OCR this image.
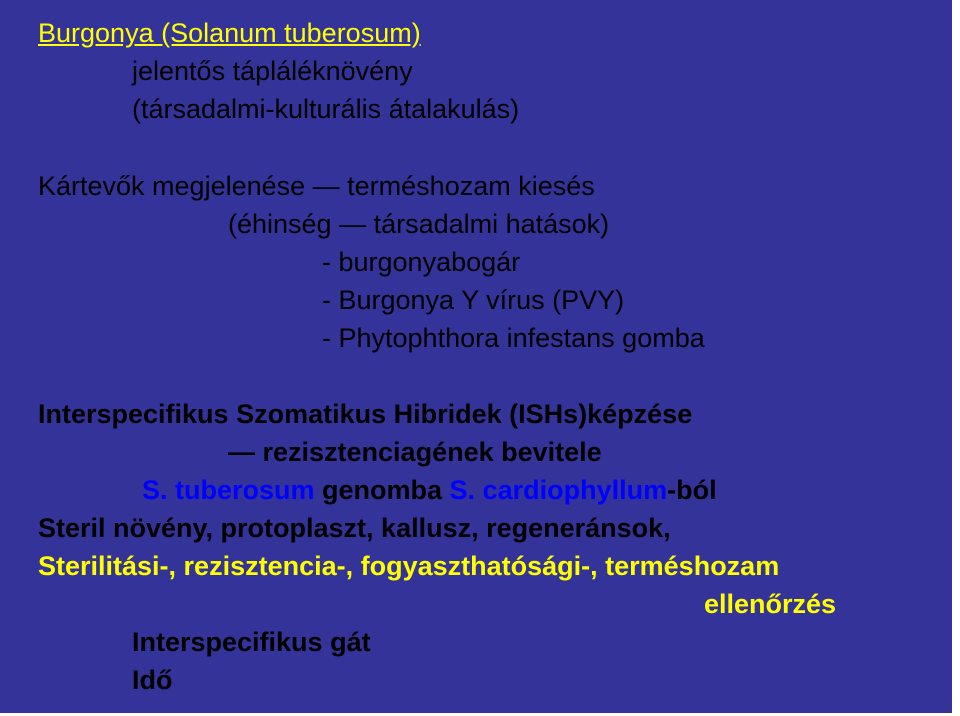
Burgonya (Solanum tuberosum)
jelentős tápláléknövény
(társadalmi-kulturális átalakulás)
Kártevők megjelenése — terméshozam kiesés
(éhinség — társadalmi hatások)
- burgonyabogár
- Burgonya Y vírus (PVY)
- Phytophthora infestans gomba
Interspecifikus Szomatikus Hibridek (ISHs)képzése
— rezisztenciagének bevitele
S. tuberosum genomba S. cardiophyllum-ból
Steril növény, protoplaszt, kallusz, regeneránsok,
Sterilitási-, rezisztencia-, fogyaszthatósági-, terméshozam
ellenőrzés
Interspecifikus gát
Idő
